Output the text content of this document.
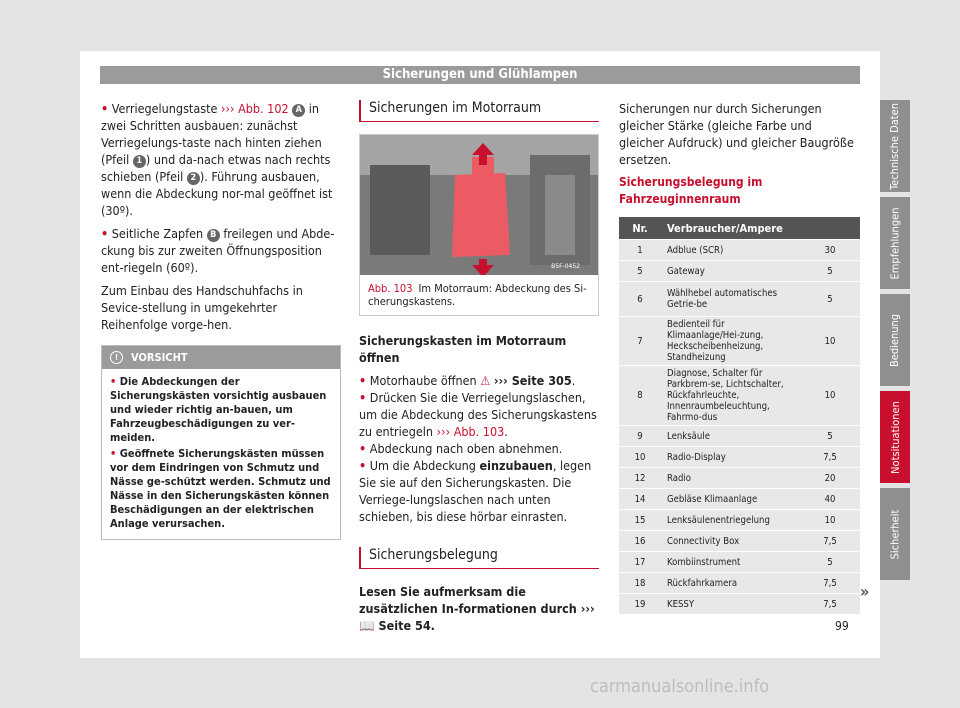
Sicherungen und Glühlampen

• Verriegelungstaste ››› Abb. 102 A in zwei Schritten ausbauen: zunächst Verriegelungs-taste nach hinten ziehen (Pfeil 1 ) und da-nach etwas nach rechts schieben (Pfeil 2 ). Führung ausbauen, wenn die Abdeckung nor-mal geöffnet ist (30º).

• Seitliche Zapfen B freilegen und Abde-ckung bis zur zweiten Öffnungsposition ent-riegeln (60º).

Zum Einbau des Handschuhfachs in Sevice-stellung in umgekehrter Reihenfolge vorge-hen.

! VORSICHT
• Die Abdeckungen der Sicherungskästen vorsichtig ausbauen und wieder richtig an-bauen, um Fahrzeugbeschädigungen zu ver-meiden.
• Geöffnete Sicherungskästen müssen vor dem Eindringen von Schmutz und Nässe ge-schützt werden. Schmutz und Nässe in den Sicherungskästen können Beschädigungen an der elektrischen Anlage verursachen.
Sicherungen im Motorraum
B5F-0452
Abb. 103 Im Motorraum: Abdeckung des Si-cherungskastens.

Sicherungskasten im Motorraum öffnen

• Motorhaube öffnen ⚠ ››› Seite 305.
• Drücken Sie die Verriegelungslaschen, um die Abdeckung des Sicherungskastens zu entriegeln ››› Abb. 103.
• Abdeckung nach oben abnehmen.
• Um die Abdeckung einzubauen, legen Sie sie auf den Sicherungskasten. Die Verriege-lungslaschen nach unten schieben, bis diese hörbar einrasten.
Sicherungsbelegung

Lesen Sie aufmerksam die zusätzlichen In-formationen durch ››› 📖 Seite 54.

Sicherungen nur durch Sicherungen gleicher Stärke (gleiche Farbe und gleicher Aufdruck) und gleicher Baugröße ersetzen.

Sicherungsbelegung im Fahrzeuginnenraum
Nr.	Verbraucher/Ampere	
1	Adblue (SCR)	30
5	Gateway	5
6	Wählhebel automatisches Getrie-be	5
7	Bedienteil für Klimaanlage/Hei-zung, Heckscheibenheizung, Standheizung	10
8	Diagnose, Schalter für Parkbrem-se, Lichtschalter, Rückfahrleuchte, Innenraumbeleuchtung, Fahrmo-dus	10
9	Lenksäule	5
10	Radio-Display	7,5
12	Radio	20
14	Gebläse Klimaanlage	40
15	Lenksäulenentriegelung	10
16	Connectivity Box	7,5
17	Kombiinstrument	5
18	Rückfahrkamera	7,5
19	KESSY	7,5
Technische Daten
Empfehlungen
Bedienung
Notsituationen
Sicherheit
»
99
carmanualsonline.info
